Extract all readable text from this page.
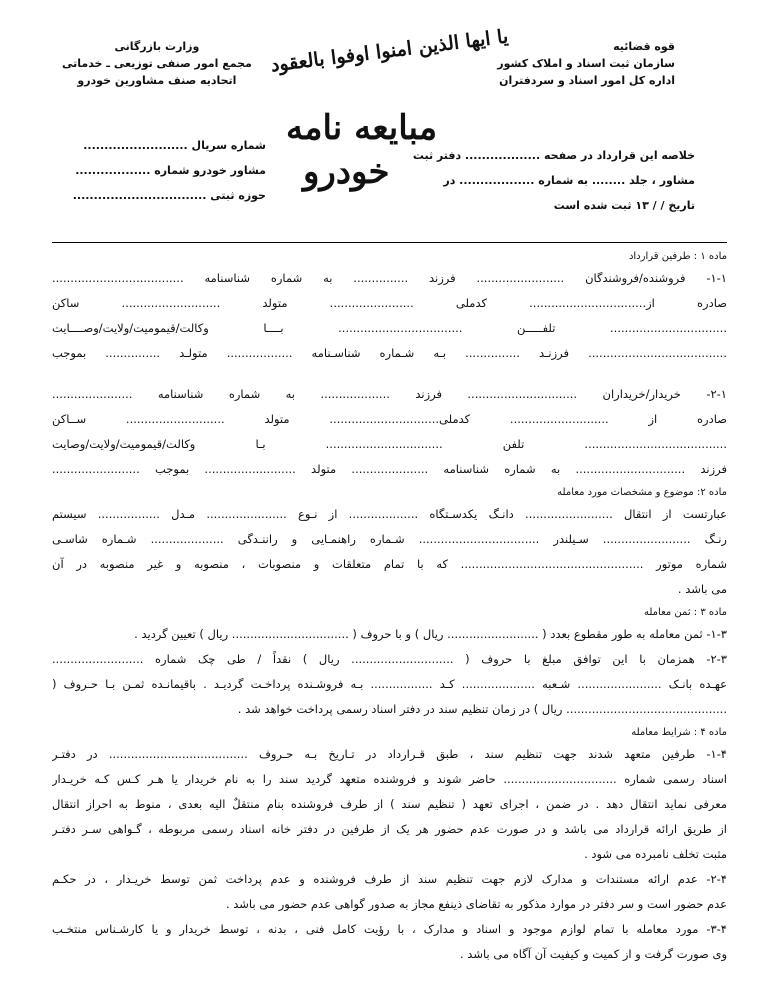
قوه قضائیه
سازمان ثبت اسناد و املاک کشور
اداره کل امور اسناد و سردفتران
وزارت بازرگانی
مجمع امور صنفی توزیعی ـ خدماتی
اتحادیه صنف مشاورین خودرو
یا ایها الذین امنوا اوفوا بالعقود
مبایعه نامه
خودرو خلاصه این قرارداد در صفحه .................. دفتر ثبت
مشاور ، جلد ........ به شماره .................. در
تاریخ / / ۱۳ ثبت شده است
شماره سریال .........................
مشاور خودرو شماره ..................
حوزه ثبتی ................................
ماده ۱ : طرفین قرارداد
۱-۱- فروشنده/فروشندگان ........................ فرزند ............... به شماره شناسنامه ....................................
صادره از................................ کدملی ....................... متولد ........................... ساکن
................................ تلفـــــن .................................. بــــا وکالت/قیمومیت/ولایت/وصــــایت
...................................... فرزنـد ............... بـه شـماره شناسـنامه .................. متولـد ............... بموجب
۲-۱- خریدار/خریداران .............................. فرزند ................... به شماره شناسنامه ......................
صادره از ........................... کدملی.............................. متولد ........................... ســاکن
....................................... تلفن ................................ بـا وکالت/قیمومیت/ولایت/وصایت
فرزند .............................. به شماره شناسنامه ..................... متولد ......................... بموجب ........................
ماده ۲: موضوع و مشخصات مورد معامله
عبارتست از انتقال ........................ دانـگ یکدسـتگاه ................... از نـوع ...................... مـدل ................. سیستم
رنـگ ........................ سـیلندر ................................. شـماره راهنمـایی و راننـدگی .................... شـماره شاسـی
شماره موتور .................................................. که با تمام متعلقات و منصوبات ، منصوبه و غیر منصوبه در آن
می باشد .
ماده ۳ : ثمن معامله
۱-۳- ثمن معامله به طور مقطوع بعدد ( ......................... ریال ) و با حروف ( ................................ ریال ) تعیین گردید .
۲-۳- همزمان با این توافق مبلغ با حروف ( ............................ ریال ) نقداً / طی چک شماره .........................
عهـده بانـک ....................... شـعبه .................... کـد ................. بـه فروشـنده پرداخـت گردیـد . باقیمانـده ثمـن بـا حـروف (
............................................ ریال ) در زمان تنظیم سند در دفتر اسناد رسمی پرداخت خواهد شد .
ماده ۴ : شرایط معامله
۱-۴- طرفین متعهد شدند جهت تنظیم سند ، طبق قـرارداد در تـاریخ بـه حـروف ...................................... در دفتـر
اسناد رسمی شماره ............................... حاضر شوند و فروشنده متعهد گردید سند را به نام خریدار یا هـر کـس کـه خریـدار
معرفی نماید انتقال دهد . در ضمن ، اجرای تعهد ( تنظیم سند ) از طرف فروشنده بنام منتقلٌ الیه بعدی ، منوط به احراز انتقال
از طریق ارائه قرارداد می باشد و در صورت عدم حضور هر یک از طرفین در دفتر خانه اسناد رسمی مربوطه ، گـواهی سـر دفتـر
مثبت تخلف نامبرده می شود .
۲-۴- عدم ارائه مستندات و مدارک لازم جهت تنظیم سند از طرف فروشنده و عدم پرداخت ثمن توسط خریـدار ، در حکـم
عدم حضور است و سر دفتر در موارد مذکور به تقاضای ذینفع مجاز به صدور گواهی عدم حضور می باشد .
۳-۴- مورد معامله با تمام لوازم موجود و اسناد و مدارک ، با رؤیت کامل فنی ، بدنه ، توسط خریدار و یا کارشـناس منتخـب
وی صورت گرفت و از کمیت و کیفیت آن آگاه می باشد .
